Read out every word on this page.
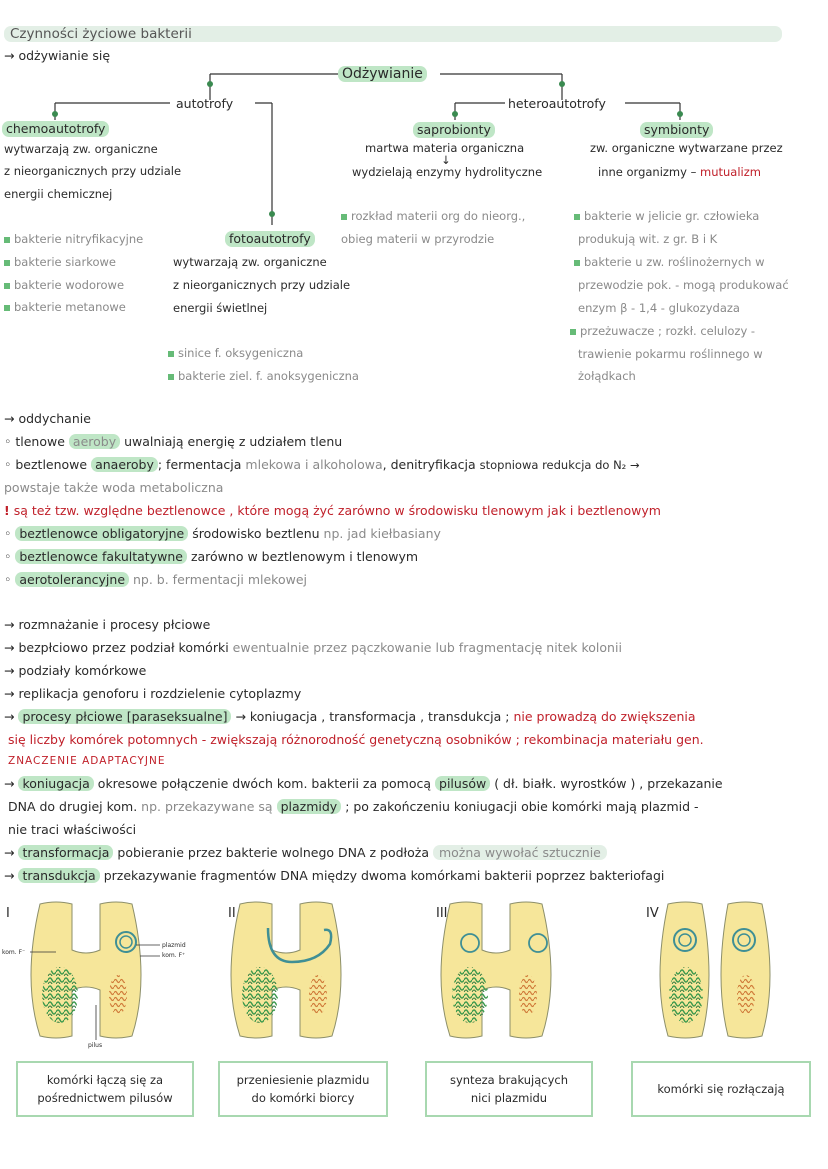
Czynności życiowe bakterii
→ odżywianie się
Odżywianie
autotrofy	heteroautotrofy
chemoautotrofy
wytwarzają zw. organiczne
z nieorganicznych przy udziale
energii chemicznej
bakterie nitryfikacyjne
bakterie siarkowe
bakterie wodorowe
bakterie metanowe
fotoautotrofy
wytwarzają zw. organiczne
z nieorganicznych przy udziale
energii świetlnej
sinice f. oksygeniczna
bakterie ziel. f. anoksygeniczna
saprobionty
martwa materia organiczna
↓
wydzielają enzymy hydrolityczne
rozkład materii org do nieorg.,
obieg materii w przyrodzie
symbionty
zw. organiczne wytwarzane przez
inne organizmy – mutualizm
bakterie w jelicie gr. człowieka
produkują wit. z gr. B i K
bakterie u zw. roślinożernych w
przewodzie pok. - mogą produkować
enzym β - 1,4 - glukozydaza
przeżuwacze ; rozkł. celulozy -
trawienie pokarmu roślinnego w
żołądkach
→ oddychanie
◦ tlenowe aeroby uwalniają energię z udziałem tlenu
◦ beztlenowe anaeroby ; fermentacja mlekowa i alkoholowa, denitryfikacja stopniowa redukcja do N₂ →
powstaje także woda metaboliczna
! są też tzw. względne beztlenowce , które mogą żyć zarówno w środowisku tlenowym jak i beztlenowym
◦ beztlenowce obligatoryjne środowisko beztlenu np. jad kiełbasiany
◦ beztlenowce fakultatywne zarówno w beztlenowym i tlenowym
◦ aerotolerancyjne np. b. fermentacji mlekowej
→ rozmnażanie i procesy płciowe
→ bezpłciowo przez podział komórki ewentualnie przez pączkowanie lub fragmentację nitek kolonii
→ podziały komórkowe
→ replikacja genoforu i rozdzielenie cytoplazmy
→ procesy płciowe [paraseksualne] → koniugacja , transformacja , transdukcja ; nie prowadzą do zwiększenia
się liczby komórek potomnych - zwiększają różnorodność genetyczną osobników ; rekombinacja materiału gen.
ZNACZENIE ADAPTACYJNE
→ koniugacja okresowe połączenie dwóch kom. bakterii za pomocą pilusów ( dł. białk. wyrostków ) , przekazanie
DNA do drugiej kom. np. przekazywane są plazmidy ; po zakończeniu koniugacji obie komórki mają plazmid -
nie traci właściwości
→ transformacja pobieranie przez bakterie wolnego DNA z podłoża można wywołać sztucznie
→ transdukcja przekazywanie fragmentów DNA między dwoma komórkami bakterii poprzez bakteriofagi
I	II	III	IV
kom. F⁻
plazmid
kom. F⁺
pilus
komórki łączą się za
pośrednictwem pilusów
przeniesienie plazmidu
do komórki biorcy
synteza brakujących
nici plazmidu
komórki się rozłączają
